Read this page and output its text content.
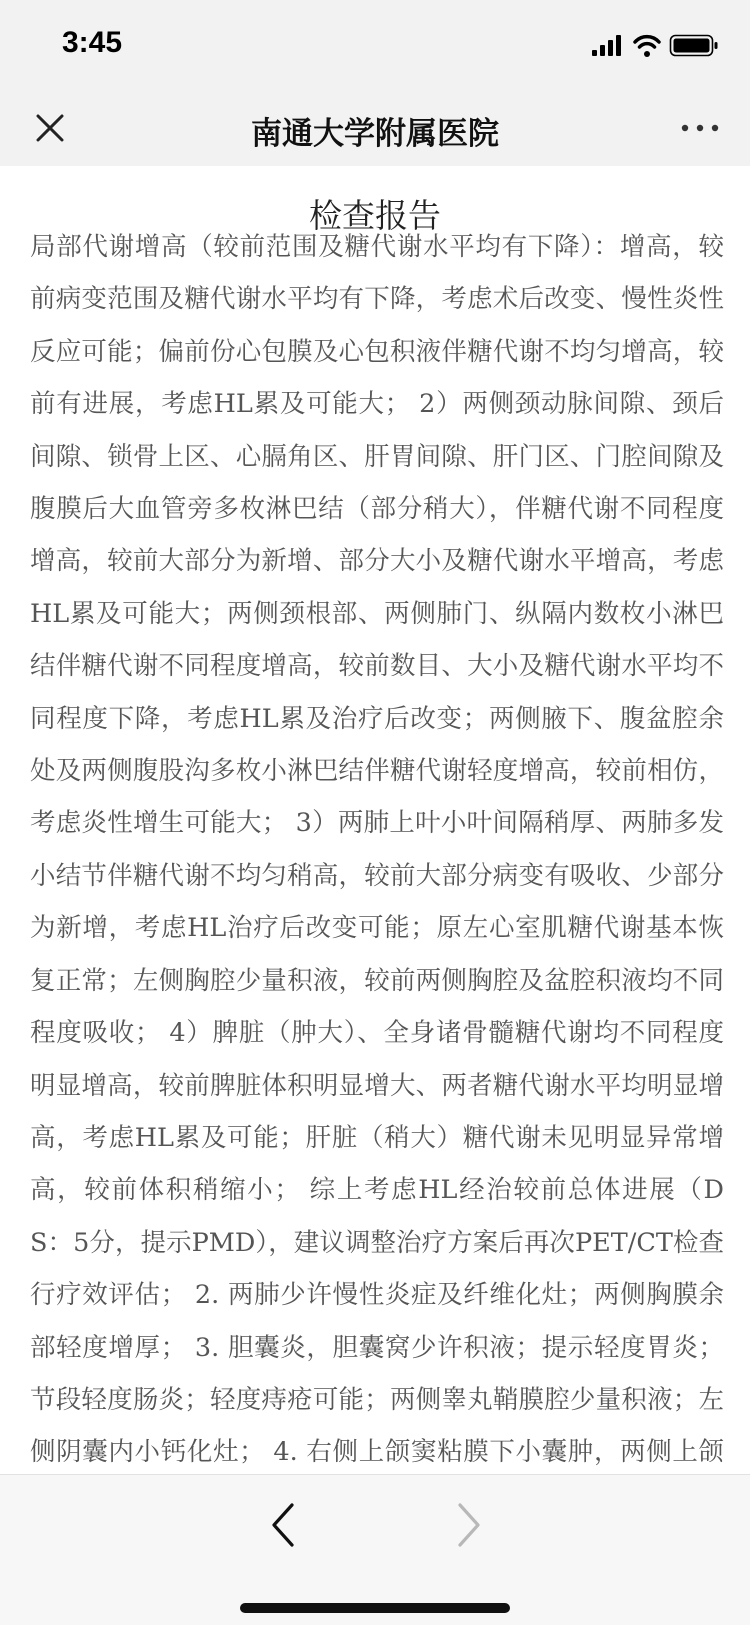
3:45
南通大学附属医院
检查报告

局部代谢增高（较前范围及糖代谢水平均有下降）：增高，较前病变范围及糖代谢水平均有下降，考虑术后改变、慢性炎性反应可能；偏前份心包膜及心包积液伴糖代谢不均匀增高，较前有进展，考虑HL累及可能大； 2）两侧颈动脉间隙、颈后间隙、锁骨上区、心膈角区、肝胃间隙、肝门区、门腔间隙及腹膜后大血管旁多枚淋巴结（部分稍大），伴糖代谢不同程度增高，较前大部分为新增、部分大小及糖代谢水平增高，考虑HL累及可能大；两侧颈根部、两侧肺门、纵隔内数枚小淋巴结伴糖代谢不同程度增高，较前数目、大小及糖代谢水平均不同程度下降，考虑HL累及治疗后改变；两侧腋下、腹盆腔余处及两侧腹股沟多枚小淋巴结伴糖代谢轻度增高，较前相仿，考虑炎性增生可能大； 3）两肺上叶小叶间隔稍厚、两肺多发小结节伴糖代谢不均匀稍高，较前大部分病变有吸收、少部分为新增，考虑HL治疗后改变可能；原左心室肌糖代谢基本恢复正常；左侧胸腔少量积液，较前两侧胸腔及盆腔积液均不同程度吸收； 4）脾脏（肿大）、全身诸骨髓糖代谢均不同程度明显增高，较前脾脏体积明显增大、两者糖代谢水平均明显增高，考虑HL累及可能；肝脏（稍大）糖代谢未见明显异常增高，较前体积稍缩小； 综上考虑HL经治较前总体进展（DS：5分，提示PMD），建议调整治疗方案后再次PET/CT检查行疗效评估； 2. 两肺少许慢性炎症及纤维化灶；两侧胸膜余部轻度增厚； 3. 胆囊炎，胆囊窝少许积液；提示轻度胃炎；节段轻度肠炎；轻度痔疮可能；两侧睾丸鞘膜腔少量积液；左侧阴囊内小钙化灶； 4. 右侧上颌窦粘膜下小囊肿，两侧上颌
